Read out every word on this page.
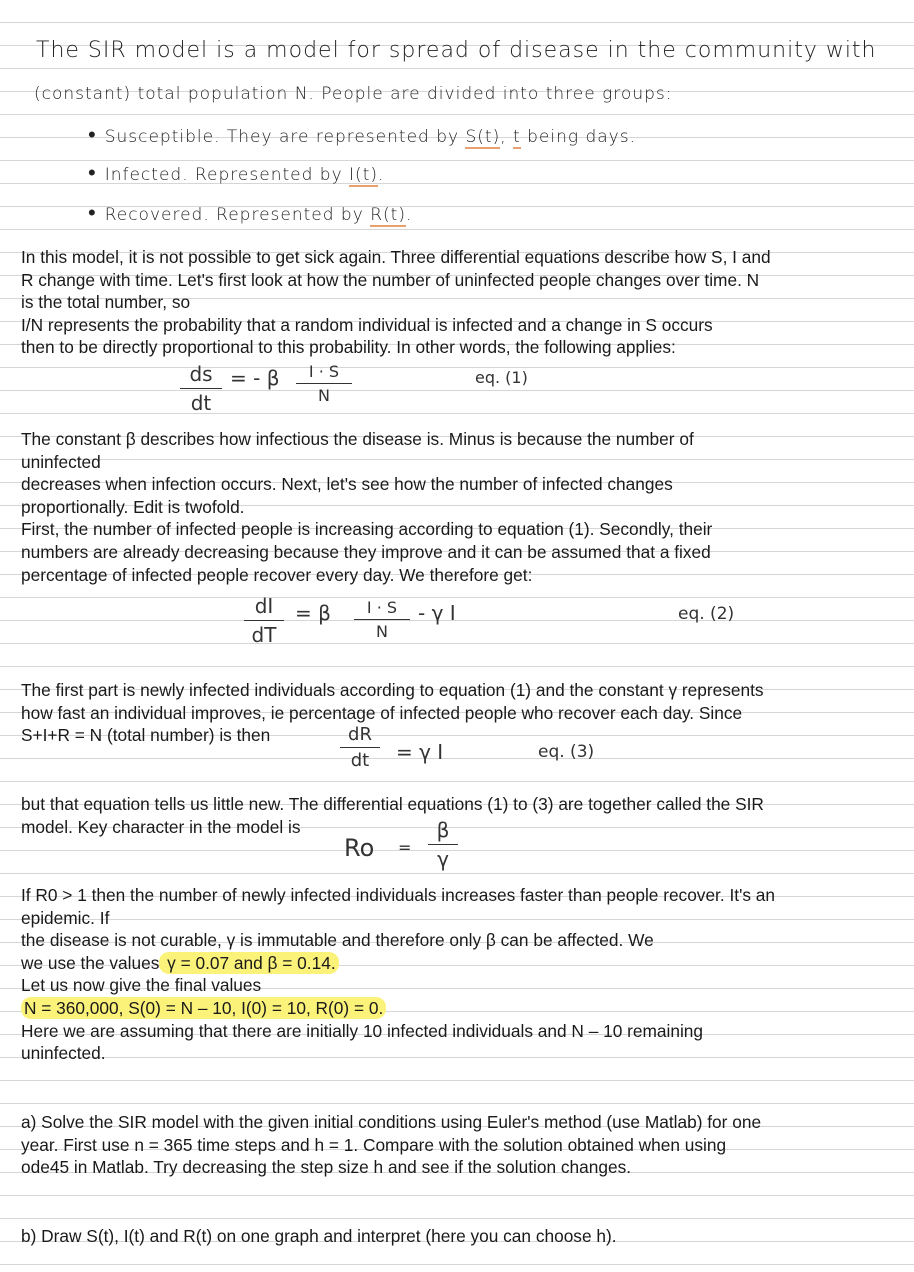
The SIR model is a model for spread of disease in the community with
(constant) total population N. People are divided into three groups:
• Susceptible. They are represented by S(t), t being days.
• Infected. Represented by I(t).
• Recovered. Represented by R(t).

In this model, it is not possible to get sick again. Three differential equations describe how S, I and

R change with time. Let's first look at how the number of uninfected people changes over time. N

is the total number, so

I/N represents the probability that a random individual is infected and a change in S occurs

then to be directly proportional to this probability. In other words, the following applies:

ds
dt
= - β	I · S
N
eq. (1)

The constant β describes how infectious the disease is. Minus is because the number of

uninfected

decreases when infection occurs. Next, let's see how the number of infected changes

proportionally. Edit is twofold.

First, the number of infected people is increasing according to equation (1). Secondly, their

numbers are already decreasing because they improve and it can be assumed that a fixed

percentage of infected people recover every day. We therefore get:

dI
dT
= β	I · S
N
- γ I	eq. (2)

The first part is newly infected individuals according to equation (1) and the constant γ represents

how fast an individual improves, ie percentage of infected people who recover each day. Since

S+I+R = N (total number) is then	dR
dt	= γ I	eq. (3)

but that equation tells us little new. The differential equations (1) to (3) are together called the SIR

model. Key character in the model is

Ro =
β
γ

If R0 > 1 then the number of newly infected individuals increases faster than people recover. It's an

epidemic. If

the disease is not curable, γ is immutable and therefore only β can be affected. We

we use the values γ = 0.07 and β = 0.14.

Let us now give the final values

N = 360,000, S(0) = N – 10, I(0) = 10, R(0) = 0.

Here we are assuming that there are initially 10 infected individuals and N – 10 remaining

uninfected.

a) Solve the SIR model with the given initial conditions using Euler's method (use Matlab) for one

year. First use n = 365 time steps and h = 1. Compare with the solution obtained when using

ode45 in Matlab. Try decreasing the step size h and see if the solution changes.

b) Draw S(t), I(t) and R(t) on one graph and interpret (here you can choose h).
